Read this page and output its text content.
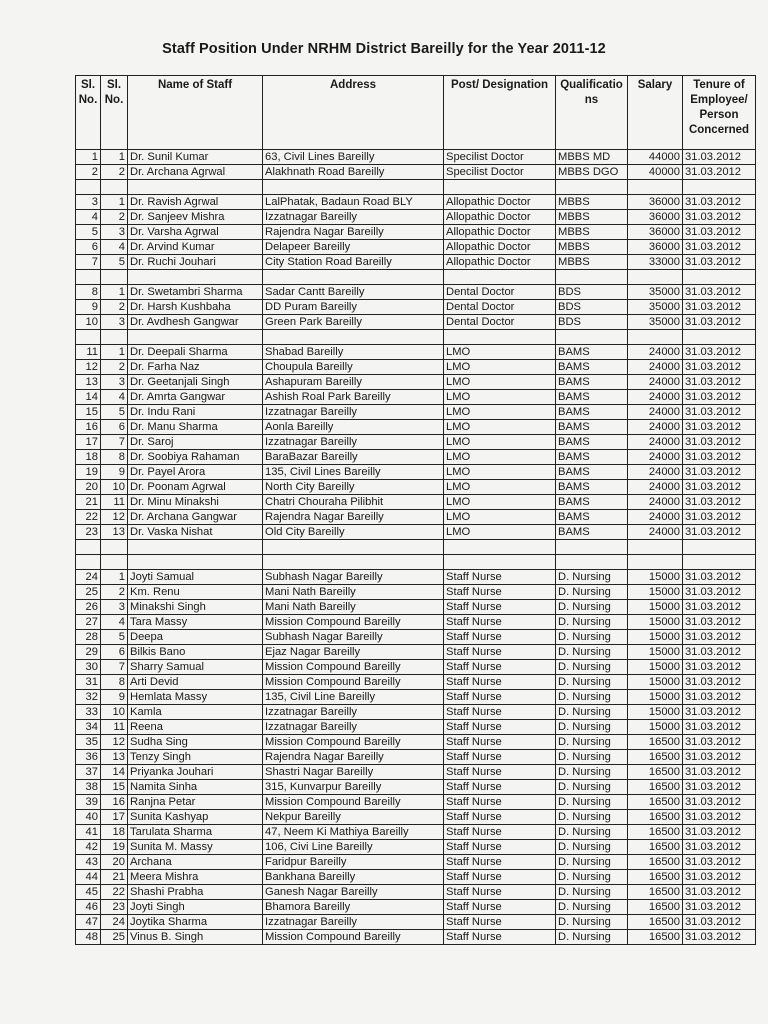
Staff Position Under NRHM District Bareilly for the Year 2011-12
Sl. No.	Sl. No.	Name of Staff	Address	Post/ Designation	Qualificatio ns	Salary	Tenure of Employee/ Person Concerned
1	1	Dr. Sunil Kumar	63, Civil Lines Bareilly	Specilist Doctor	MBBS MD	44000	31.03.2012
2	2	Dr. Archana Agrwal	Alakhnath Road Bareilly	Specilist Doctor	MBBS DGO	40000	31.03.2012

3	1	Dr. Ravish Agrwal	LalPhatak, Badaun Road BLY	Allopathic Doctor	MBBS	36000	31.03.2012
4	2	Dr. Sanjeev Mishra	Izzatnagar Bareilly	Allopathic Doctor	MBBS	36000	31.03.2012
5	3	Dr. Varsha Agrwal	Rajendra Nagar Bareilly	Allopathic Doctor	MBBS	36000	31.03.2012
6	4	Dr. Arvind Kumar	Delapeer Bareilly	Allopathic Doctor	MBBS	36000	31.03.2012
7	5	Dr. Ruchi Jouhari	City Station Road Bareilly	Allopathic Doctor	MBBS	33000	31.03.2012

8	1	Dr. Swetambri Sharma	Sadar Cantt Bareilly	Dental Doctor	BDS	35000	31.03.2012
9	2	Dr. Harsh Kushbaha	DD Puram Bareilly	Dental Doctor	BDS	35000	31.03.2012
10	3	Dr. Avdhesh Gangwar	Green Park Bareilly	Dental Doctor	BDS	35000	31.03.2012

11	1	Dr. Deepali Sharma	Shabad Bareilly	LMO	BAMS	24000	31.03.2012
12	2	Dr. Farha Naz	Choupula Bareilly	LMO	BAMS	24000	31.03.2012
13	3	Dr. Geetanjali Singh	Ashapuram Bareilly	LMO	BAMS	24000	31.03.2012
14	4	Dr. Amrta Gangwar	Ashish Roal Park Bareilly	LMO	BAMS	24000	31.03.2012
15	5	Dr. Indu Rani	Izzatnagar Bareilly	LMO	BAMS	24000	31.03.2012
16	6	Dr. Manu Sharma	Aonla Bareilly	LMO	BAMS	24000	31.03.2012
17	7	Dr. Saroj	Izzatnagar Bareilly	LMO	BAMS	24000	31.03.2012
18	8	Dr. Soobiya Rahaman	BaraBazar Bareilly	LMO	BAMS	24000	31.03.2012
19	9	Dr. Payel Arora	135, Civil Lines Bareilly	LMO	BAMS	24000	31.03.2012
20	10	Dr. Poonam Agrwal	North City Bareilly	LMO	BAMS	24000	31.03.2012
21	11	Dr. Minu Minakshi	Chatri Chouraha Pilibhit	LMO	BAMS	24000	31.03.2012
22	12	Dr. Archana Gangwar	Rajendra Nagar Bareilly	LMO	BAMS	24000	31.03.2012
23	13	Dr. Vaska Nishat	Old City Bareilly	LMO	BAMS	24000	31.03.2012

24	1	Joyti Samual	Subhash Nagar Bareilly	Staff Nurse	D. Nursing	15000	31.03.2012
25	2	Km. Renu	Mani Nath Bareilly	Staff Nurse	D. Nursing	15000	31.03.2012
26	3	Minakshi Singh	Mani Nath Bareilly	Staff Nurse	D. Nursing	15000	31.03.2012
27	4	Tara Massy	Mission Compound Bareilly	Staff Nurse	D. Nursing	15000	31.03.2012
28	5	Deepa	Subhash Nagar Bareilly	Staff Nurse	D. Nursing	15000	31.03.2012
29	6	Bilkis Bano	Ejaz Nagar Bareilly	Staff Nurse	D. Nursing	15000	31.03.2012
30	7	Sharry Samual	Mission Compound Bareilly	Staff Nurse	D. Nursing	15000	31.03.2012
31	8	Arti Devid	Mission Compound Bareilly	Staff Nurse	D. Nursing	15000	31.03.2012
32	9	Hemlata Massy	135, Civil Line Bareilly	Staff Nurse	D. Nursing	15000	31.03.2012
33	10	Kamla	Izzatnagar Bareilly	Staff Nurse	D. Nursing	15000	31.03.2012
34	11	Reena	Izzatnagar Bareilly	Staff Nurse	D. Nursing	15000	31.03.2012
35	12	Sudha Sing	Mission Compound Bareilly	Staff Nurse	D. Nursing	16500	31.03.2012
36	13	Tenzy Singh	Rajendra Nagar Bareilly	Staff Nurse	D. Nursing	16500	31.03.2012
37	14	Priyanka Jouhari	Shastri Nagar Bareilly	Staff Nurse	D. Nursing	16500	31.03.2012
38	15	Namita Sinha	315, Kunvarpur Bareilly	Staff Nurse	D. Nursing	16500	31.03.2012
39	16	Ranjna Petar	Mission Compound Bareilly	Staff Nurse	D. Nursing	16500	31.03.2012
40	17	Sunita Kashyap	Nekpur Bareilly	Staff Nurse	D. Nursing	16500	31.03.2012
41	18	Tarulata Sharma	47, Neem Ki Mathiya Bareilly	Staff Nurse	D. Nursing	16500	31.03.2012
42	19	Sunita M. Massy	106, Civi Line Bareilly	Staff Nurse	D. Nursing	16500	31.03.2012
43	20	Archana	Faridpur Bareilly	Staff Nurse	D. Nursing	16500	31.03.2012
44	21	Meera Mishra	Bankhana Bareilly	Staff Nurse	D. Nursing	16500	31.03.2012
45	22	Shashi Prabha	Ganesh Nagar Bareilly	Staff Nurse	D. Nursing	16500	31.03.2012
46	23	Joyti Singh	Bhamora Bareilly	Staff Nurse	D. Nursing	16500	31.03.2012
47	24	Joytika Sharma	Izzatnagar Bareilly	Staff Nurse	D. Nursing	16500	31.03.2012
48	25	Vinus B. Singh	Mission Compound Bareilly	Staff Nurse	D. Nursing	16500	31.03.2012
